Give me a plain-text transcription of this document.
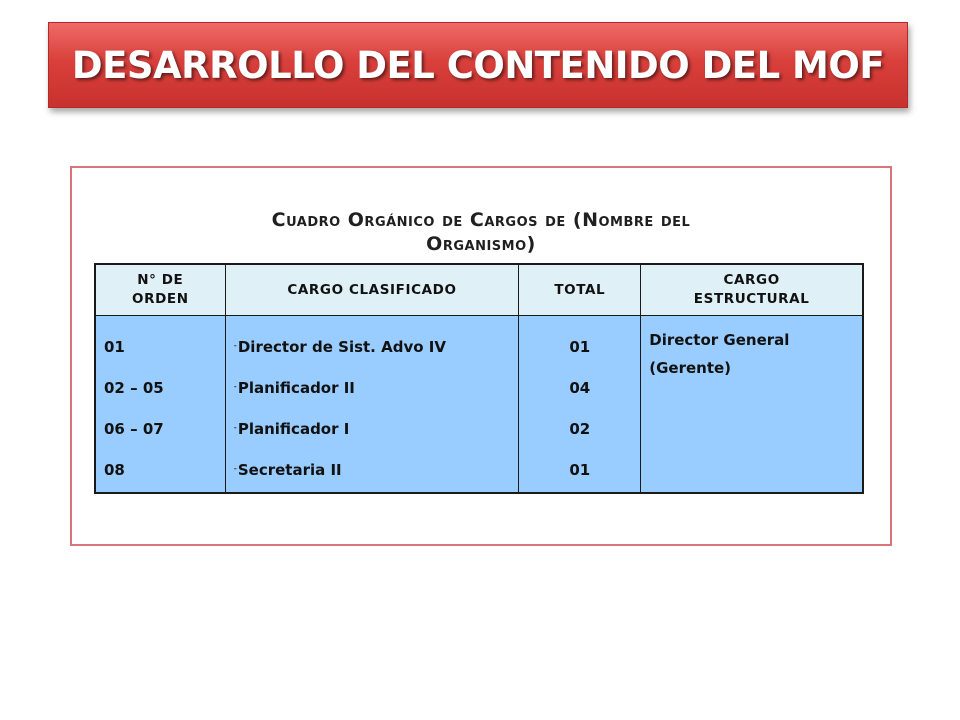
DESARROLLO DEL CONTENIDO DEL MOF
Cuadro Orgánico de Cargos de (Nombre del
Organismo)
N° DE
ORDEN	CARGO CLASIFICADO	TOTAL	CARGO
ESTRUCTURAL
01	-Director de Sist. Advo IV	01	Director General
(Gerente)
02 – 05	-Planificador II	04	
06 – 07	-Planificador I	02	
08	-Secretaria II	01	
